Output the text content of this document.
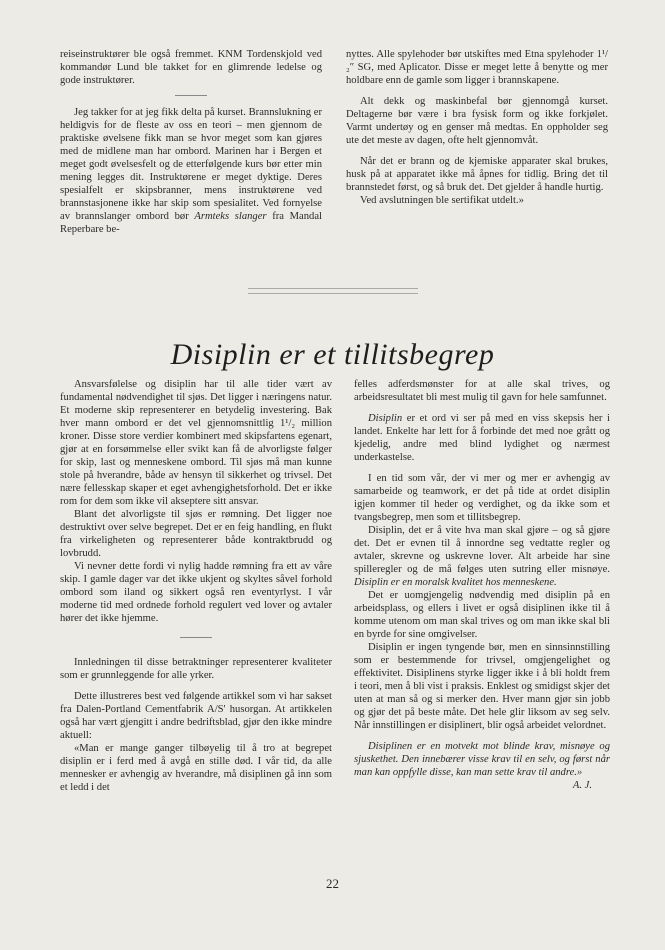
reiseinstruktører ble også fremmet. KNM Tordenskjold ved kommandør Lund ble takket for en glimrende ledelse og gode instruktører.

Jeg takker for at jeg fikk delta på kurset. Brannslukning er heldigvis for de fleste av oss en teori – men gjennom de praktiske øvelsene fikk man se hvor meget som kan gjøres med de midlene man har ombord. Marinen har i Bergen et meget godt øvelsesfelt og de etterfølgende kurs bør etter min mening legges dit. Instruktørene er meget dyktige. Deres spesialfelt er skipsbranner, mens instruktørene ved brannstasjonene ikke har skip som spesialitet. Ved fornyelse av brannslanger ombord bør Armteks slanger fra Mandal Reperbare be-

nyttes. Alle spylehoder bør utskiftes med Etna spylehoder 1¹/₂″ SG, med Aplicator. Disse er meget lette å benytte og mer holdbare enn de gamle som ligger i brannskapene.

Alt dekk og maskinbefal bør gjennomgå kurset. Deltagerne bør være i bra fysisk form og ikke forkjølet. Varmt undertøy og en genser må medtas. En oppholder seg ute det meste av dagen, ofte helt gjennomvåt.

Når det er brann og de kjemiske apparater skal brukes, husk på at apparatet ikke må åpnes for tidlig. Bring det til brannstedet først, og så bruk det. Det gjelder å handle hurtig.

Ved avslutningen ble sertifikat utdelt.»

Disiplin er et tillitsbegrep

Ansvarsfølelse og disiplin har til alle tider vært av fundamental nødvendighet til sjøs. Det ligger i næringens natur. Et moderne skip representerer en betydelig investering. Bak hver mann ombord er det vel gjennomsnittlig 1¹/₂ million kroner. Disse store verdier kombinert med skipsfartens egenart, gjør at en forsømmelse eller svikt kan få de alvorligste følger for skip, last og menneskene ombord. Til sjøs må man kunne stole på hverandre, både av hensyn til sikkerhet og trivsel. Det nære fellesskap skaper et eget avhengighetsforhold. Det er ikke rom for dem som ikke vil akseptere sitt ansvar.

Blant det alvorligste til sjøs er rømning. Det ligger noe destruktivt over selve begrepet. Det er en feig handling, en flukt fra virkeligheten og representerer både kontraktbrudd og lovbrudd.

Vi nevner dette fordi vi nylig hadde rømning fra ett av våre skip. I gamle dager var det ikke ukjent og skyltes såvel forhold ombord som iland og sikkert også ren eventyrlyst. I vår moderne tid med ordnede forhold regulert ved lover og avtaler hører det ikke hjemme.

Innledningen til disse betraktninger representerer kvaliteter som er grunnleggende for alle yrker.

Dette illustreres best ved følgende artikkel som vi har sakset fra Dalen-Portland Cementfabrik A/S' husorgan. At artikkelen også har vært gjengitt i andre bedriftsblad, gjør den ikke mindre aktuell:

«Man er mange ganger tilbøyelig til å tro at begrepet disiplin er i ferd med å avgå en stille død. I vår tid, da alle mennesker er avhengig av hverandre, må disiplinen gå inn som et ledd i det

felles adferdsmønster for at alle skal trives, og arbeidsresultatet bli mest mulig til gavn for hele samfunnet.

Disiplin er et ord vi ser på med en viss skepsis her i landet. Enkelte har lett for å forbinde det med noe grått og kjedelig, andre med blind lydighet og nærmest underkastelse.

I en tid som vår, der vi mer og mer er avhengig av samarbeide og teamwork, er det på tide at ordet disiplin igjen kommer til heder og verdighet, og da ikke som et tvangsbegrep, men som et tillitsbegrep.

Disiplin, det er å vite hva man skal gjøre – og så gjøre det. Det er evnen til å innordne seg vedtatte regler og avtaler, skrevne og uskrevne lover. Alt arbeide har sine spilleregler og de må følges uten sutring eller misnøye. Disiplin er en moralsk kvalitet hos menneskene.

Det er uomgjengelig nødvendig med disiplin på en arbeidsplass, og ellers i livet er også disiplinen ikke til å komme utenom om man skal trives og om man ikke skal bli en byrde for sine omgivelser.

Disiplin er ingen tyngende bør, men en sinnsinnstilling som er bestemmende for trivsel, omgjengelighet og effektivitet. Disiplinens styrke ligger ikke i å bli holdt frem i teori, men å bli vist i praksis. Enklest og smidigst skjer det uten at man så og si merker den. Hver mann gjør sin jobb og gjør det på beste måte. Det hele glir liksom av seg selv. Når innstillingen er disiplinert, blir også arbeidet velordnet.

Disiplinen er en motvekt mot blinde krav, misnøye og sjuskethet. Den innebærer visse krav til en selv, og først når man kan oppfylle disse, kan man sette krav til andre.»
A. J.

22
